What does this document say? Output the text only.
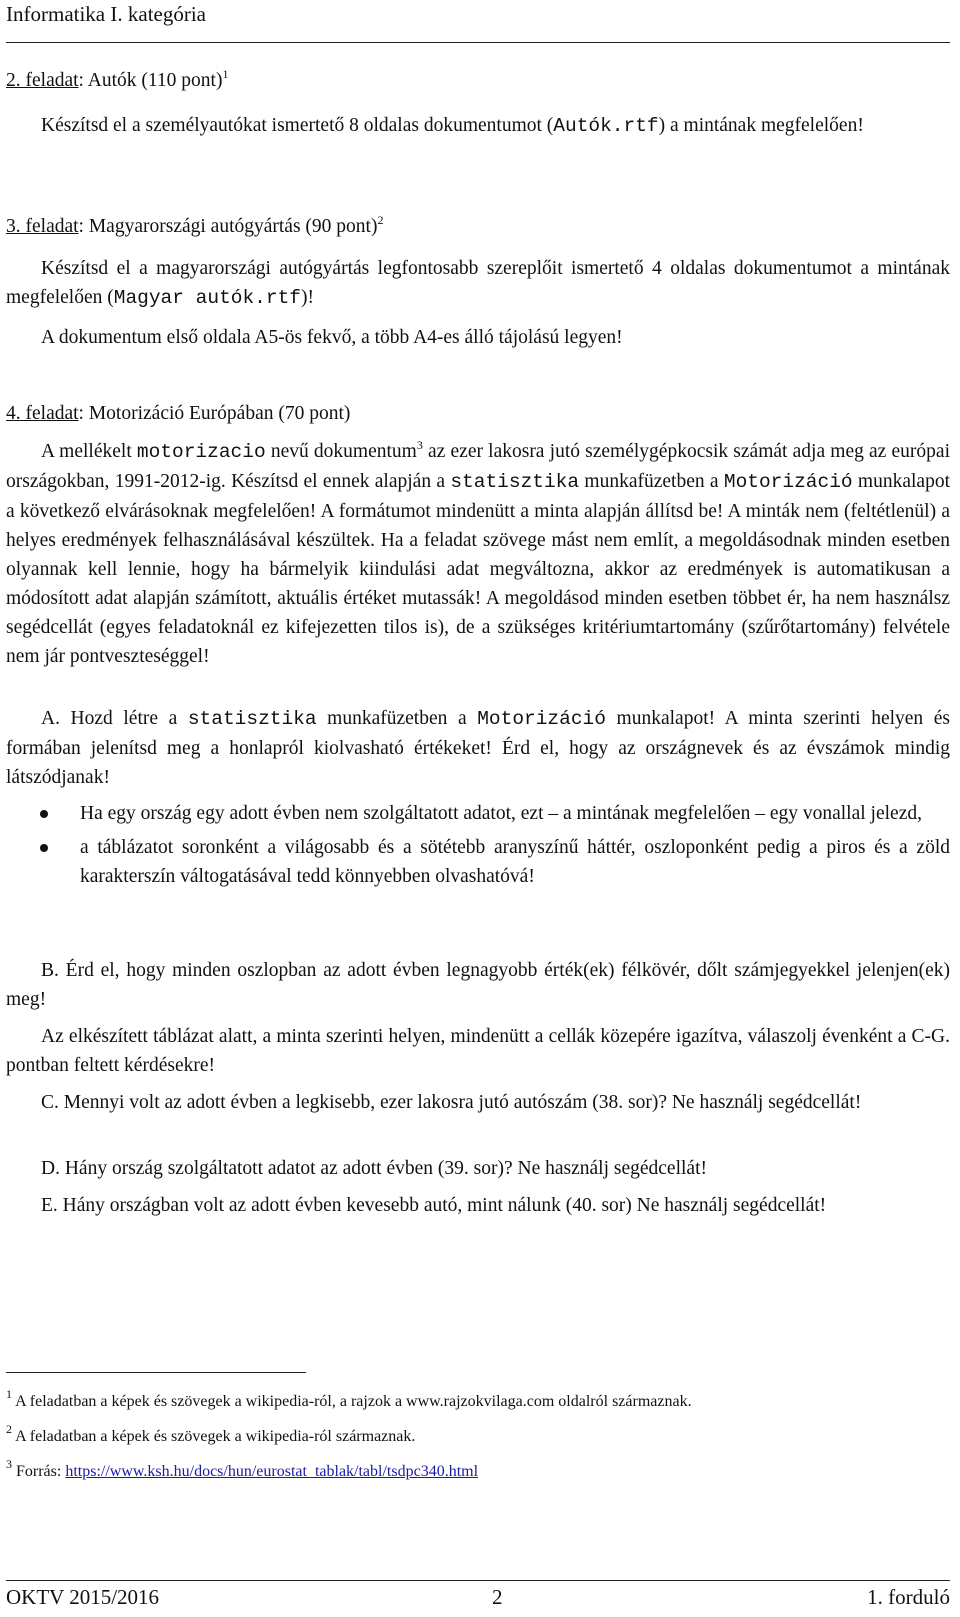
Informatika I. kategória

2. feladat: Autók (110 pont)$^1$

Készítsd el a személyautókat ismertető 8 oldalas dokumentumot (Autók.rtf) a mintának megfelelően!

3. feladat: Magyarországi autógyártás (90 pont)$^2$

Készítsd el a magyarországi autógyártás legfontosabb szereplőit ismertető 4 oldalas dokumentumot a mintának megfelelően (Magyar autók.rtf)!

A dokumentum első oldala A5-ös fekvő, a több A4-es álló tájolású legyen!

4. feladat: Motorizáció Európában (70 pont)

A mellékelt motorizacio nevű dokumentum$^3$ az ezer lakosra jutó személygépkocsik számát adja meg az európai országokban, 1991-2012-ig. Készítsd el ennek alapján a statisztika munkafüzetben a Motorizáció munkalapot a következő elvárásoknak megfelelően! A formátumot mindenütt a minta alapján állítsd be! A minták nem (feltétlenül) a helyes eredmények felhasználásával készültek. Ha a feladat szövege mást nem említ, a megoldásodnak minden esetben olyannak kell lennie, hogy ha bármelyik kiindulási adat megváltozna, akkor az eredmények is automatikusan a módosított adat alapján számított, aktuális értéket mutassák! A megoldásod minden esetben többet ér, ha nem használsz segédcellát (egyes feladatoknál ez kifejezetten tilos is), de a szükséges kritériumtartomány (szűrőtartomány) felvétele nem jár pontveszteséggel!

A. Hozd létre a statisztika munkafüzetben a Motorizáció munkalapot! A minta szerinti helyen és formában jelenítsd meg a honlapról kiolvasható értékeket! Érd el, hogy az országnevek és az évszámok mindig látszódjanak!

Ha egy ország egy adott évben nem szolgáltatott adatot, ezt – a mintának megfelelően – egy vonallal jelezd,
a táblázatot soronként a világosabb és a sötétebb aranyszínű háttér, oszloponként pedig a piros és a zöld karakterszín váltogatásával tedd könnyebben olvashatóvá!

B. Érd el, hogy minden oszlopban az adott évben legnagyobb érték(ek) félkövér, dőlt számjegyekkel jelenjen(ek) meg!

Az elkészített táblázat alatt, a minta szerinti helyen, mindenütt a cellák közepére igazítva, válaszolj évenként a C-G. pontban feltett kérdésekre!

C. Mennyi volt az adott évben a legkisebb, ezer lakosra jutó autószám (38. sor)? Ne használj segédcellát!

D. Hány ország szolgáltatott adatot az adott évben (39. sor)? Ne használj segédcellát!

E. Hány országban volt az adott évben kevesebb autó, mint nálunk (40. sor) Ne használj segédcellát!

$^1$ A feladatban a képek és szövegek a wikipedia-ról, a rajzok a www.rajzokvilaga.com oldalról származnak.
$^2$ A feladatban a képek és szövegek a wikipedia-ról származnak.
$^3$ Forrás: https://www.ksh.hu/docs/hun/eurostat_tablak/tabl/tsdpc340.html
OKTV 2015/2016	2	1. forduló
